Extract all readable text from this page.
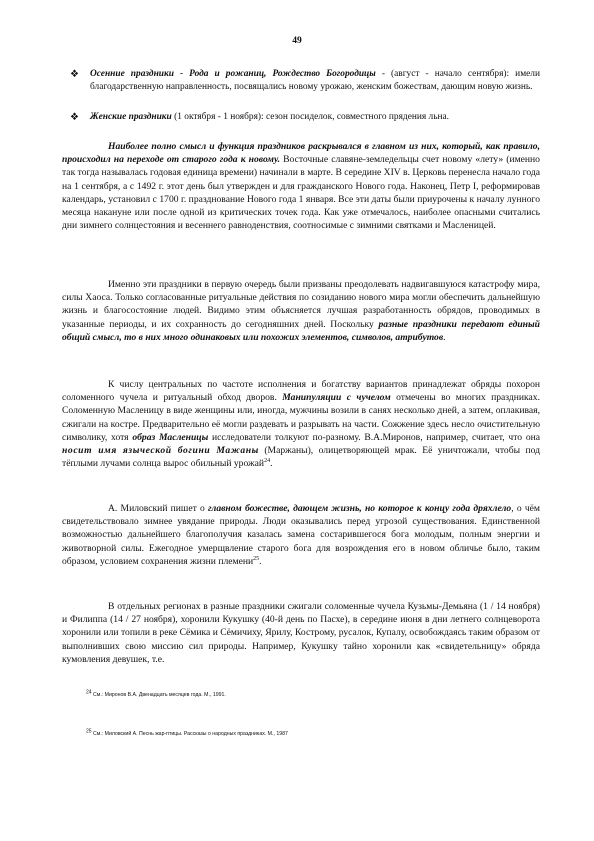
49
❖	Осенние праздники - Рода и рожаниц, Рождество Богородицы - (август - начало сентября): имели благодарственную направленность, посвящались новому урожаю, женским божествам, дающим новую жизнь.
❖	Женские праздники (1 октября - 1 ноября): сезон посиделок, совместного прядения льна.
Наиболее полно смысл и функция праздников раскрывался в главном из них, который, как правило, происходил на переходе от старого года к новому. Восточные славяне-земледельцы счет новому «лету» (именно так тогда называлась годовая единица времени) начинали в марте. В середине XIV в. Церковь перенесла начало года на 1 сентября, а с 1492 г. этот день был утвержден и для гражданского Нового года. Наконец, Петр I, реформировав календарь, установил с 1700 г. празднование Нового года 1 января. Все эти даты были приурочены к началу лунного месяца накануне или после одной из критических точек года. Как уже отмечалось, наиболее опасными считались дни зимнего солнцестояния и весеннего равноденствия, соотносимые с зимними святками и Масленицей.
Именно эти праздники в первую очередь были призваны преодолевать надвигавшуюся катастрофу мира, силы Хаоса. Только согласованные ритуальные действия по созиданию нового мира могли обеспечить дальнейшую жизнь и благосостояние людей. Видимо этим объясняется лучшая разработанность обрядов, проводимых в указанные периоды, и их сохранность до сегодняшних дней. Поскольку разные праздники передают единый общий смысл, то в них много одинаковых или похожих элементов, символов, атрибутов.
К числу центральных по частоте исполнения и богатству вариантов принадлежат обряды похорон соломенного чучела и ритуальный обход дворов. Манипуляции с чучелом отмечены во многих праздниках. Соломенную Масленицу в виде женщины или, иногда, мужчины возили в санях несколько дней, а затем, оплакивая, сжигали на костре. Предварительно её могли раздевать и разрывать на части. Сожжение здесь несло очистительную символику, хотя образ Масленицы исследователи толкуют по-разному. В.А.Миронов, например, считает, что она носит имя языческой богини Мажаны (Маржаны), олицетворяющей мрак. Её уничтожали, чтобы под тёплыми лучами солнца вырос обильный урожай$^{24}$.
А. Миловский пишет о главном божестве, дающем жизнь, но которое к концу года дряхлело, о чём свидетельствовало зимнее увядание природы. Люди оказывались перед угрозой существования. Единственной возможностью дальнейшего благополучия казалась замена состарившегося бога молодым, полным энергии и животворной силы. Ежегодное умерщвление старого бога для возрождения его в новом обличье было, таким образом, условием сохранения жизни племени$^{25}$.
В отдельных регионах в разные праздники сжигали соломенные чучела Кузьмы-Демьяна (1 / 14 ноября) и Филиппа (14 / 27 ноября), хоронили Кукушку (40-й день по Пасхе), в середине июня в дни летнего солнцеворота хоронили или топили в реке Сёмика и Сёмичиху, Ярилу, Кострому, русалок, Купалу, освобождаясь таким образом от выполнивших свою миссию сил природы. Например, Кукушку тайно хоронили как «свидетельницу» обряда кумовления девушек, т.е.
$^{24}$ См.: Миронов В.А. Двенадцать месяцев года. М., 1991.
$^{25}$ См.: Миловский А. Песнь жар-птицы. Рассказы о народных праздниках. М., 1987
